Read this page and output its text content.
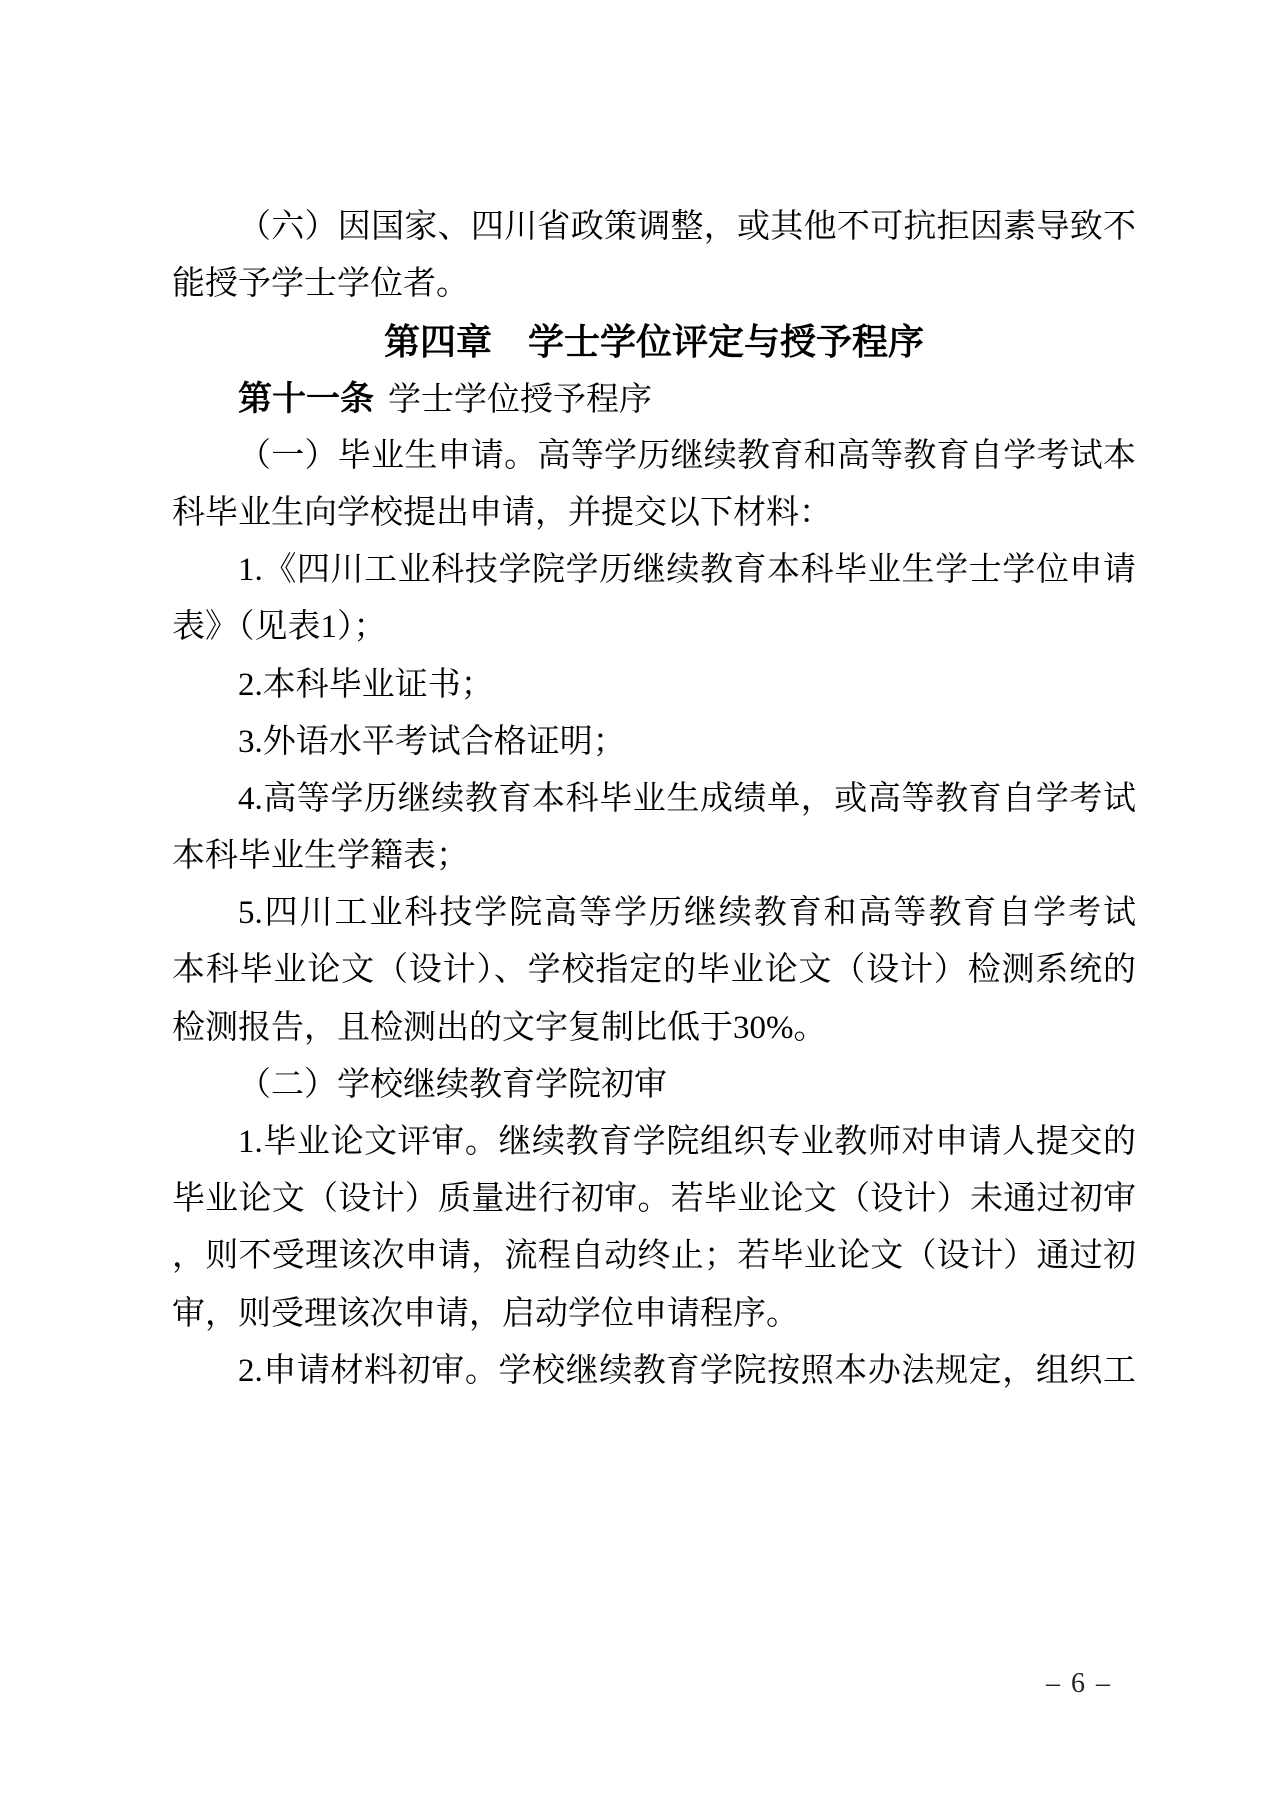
（六）因国家、四川省政策调整，或其他不可抗拒因素导致不
能授予学士学位者。
第四章　学士学位评定与授予程序
第十一条 学士学位授予程序
（一）毕业生申请。高等学历继续教育和高等教育自学考试本
科毕业生向学校提出申请，并提交以下材料：
1.《四川工业科技学院学历继续教育本科毕业生学士学位申请
表》（见表1）；
2.本科毕业证书；
3.外语水平考试合格证明；
4.高等学历继续教育本科毕业生成绩单，或高等教育自学考试
本科毕业生学籍表；
5.四川工业科技学院高等学历继续教育和高等教育自学考试
本科毕业论文（设计）、学校指定的毕业论文（设计）检测系统的
检测报告，且检测出的文字复制比低于30%。
（二）学校继续教育学院初审
1.毕业论文评审。继续教育学院组织专业教师对申请人提交的
毕业论文（设计）质量进行初审。若毕业论文（设计）未通过初审
，则不受理该次申请，流程自动终止；若毕业论文（设计）通过初
审，则受理该次申请，启动学位申请程序。
2.申请材料初审。学校继续教育学院按照本办法规定，组织工
– 6 –
